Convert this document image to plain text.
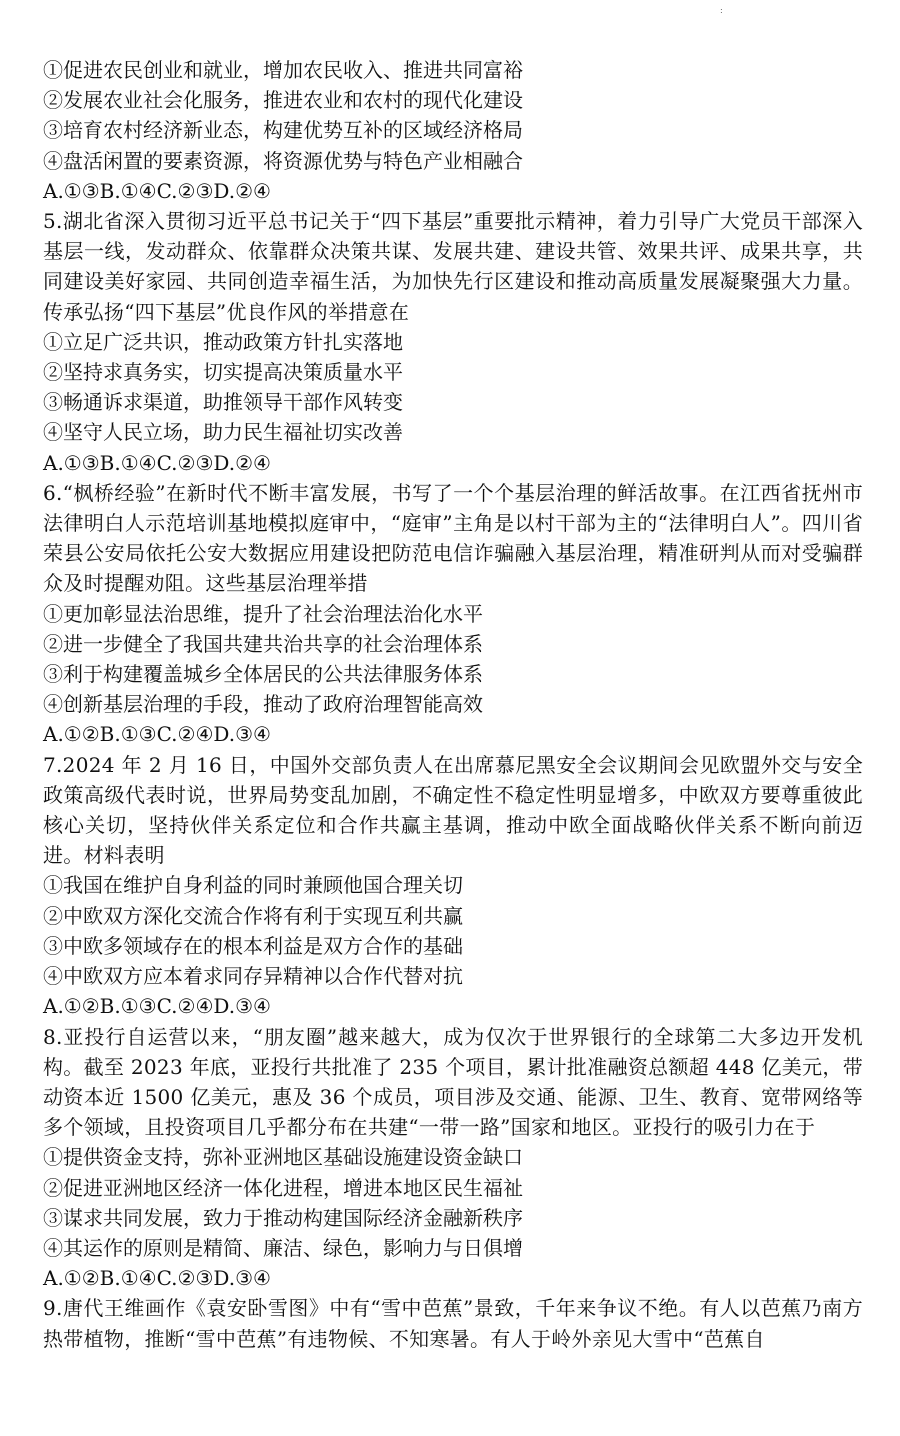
:
①促进农民创业和就业，增加农民收入、推进共同富裕
②发展农业社会化服务，推进农业和农村的现代化建设
③培育农村经济新业态，构建优势互补的区域经济格局
④盘活闲置的要素资源，将资源优势与特色产业相融合
A.①③B.①④C.②③D.②④
5.湖北省深入贯彻习近平总书记关于“四下基层”重要批示精神，着力引导广大党员干部深入基层一线，发动群众、依靠群众决策共谋、发展共建、建设共管、效果共评、成果共享，共同建设美好家园、共同创造幸福生活，为加快先行区建设和推动高质量发展凝聚强大力量。传承弘扬“四下基层”优良作风的举措意在
①立足广泛共识，推动政策方针扎实落地
②坚持求真务实，切实提高决策质量水平
③畅通诉求渠道，助推领导干部作风转变
④坚守人民立场，助力民生福祉切实改善
A.①③B.①④C.②③D.②④
6.“枫桥经验”在新时代不断丰富发展，书写了一个个基层治理的鲜活故事。在江西省抚州市法律明白人示范培训基地模拟庭审中，“庭审”主角是以村干部为主的“法律明白人”。四川省荣县公安局依托公安大数据应用建设把防范电信诈骗融入基层治理，精准研判从而对受骗群众及时提醒劝阻。这些基层治理举措
①更加彰显法治思维，提升了社会治理法治化水平
②进一步健全了我国共建共治共享的社会治理体系
③利于构建覆盖城乡全体居民的公共法律服务体系
④创新基层治理的手段，推动了政府治理智能高效
A.①②B.①③C.②④D.③④
7.2024 年 2 月 16 日，中国外交部负责人在出席慕尼黑安全会议期间会见欧盟外交与安全政策高级代表时说，世界局势变乱加剧，不确定性不稳定性明显增多，中欧双方要尊重彼此核心关切，坚持伙伴关系定位和合作共赢主基调，推动中欧全面战略伙伴关系不断向前迈进。材料表明
①我国在维护自身利益的同时兼顾他国合理关切
②中欧双方深化交流合作将有利于实现互利共赢
③中欧多领域存在的根本利益是双方合作的基础
④中欧双方应本着求同存异精神以合作代替对抗
A.①②B.①③C.②④D.③④
8.亚投行自运营以来，“朋友圈”越来越大，成为仅次于世界银行的全球第二大多边开发机构。截至 2023 年底，亚投行共批准了 235 个项目，累计批准融资总额超 448 亿美元，带动资本近 1500 亿美元，惠及 36 个成员，项目涉及交通、能源、卫生、教育、宽带网络等多个领域，且投资项目几乎都分布在共建“一带一路”国家和地区。亚投行的吸引力在于
①提供资金支持，弥补亚洲地区基础设施建设资金缺口
②促进亚洲地区经济一体化进程，增进本地区民生福祉
③谋求共同发展，致力于推动构建国际经济金融新秩序
④其运作的原则是精简、廉洁、绿色，影响力与日俱增
A.①②B.①④C.②③D.③④
9.唐代王维画作《袁安卧雪图》中有“雪中芭蕉”景致，千年来争议不绝。有人以芭蕉乃南方热带植物，推断“雪中芭蕉”有违物候、不知寒暑。有人于岭外亲见大雪中“芭蕉自
